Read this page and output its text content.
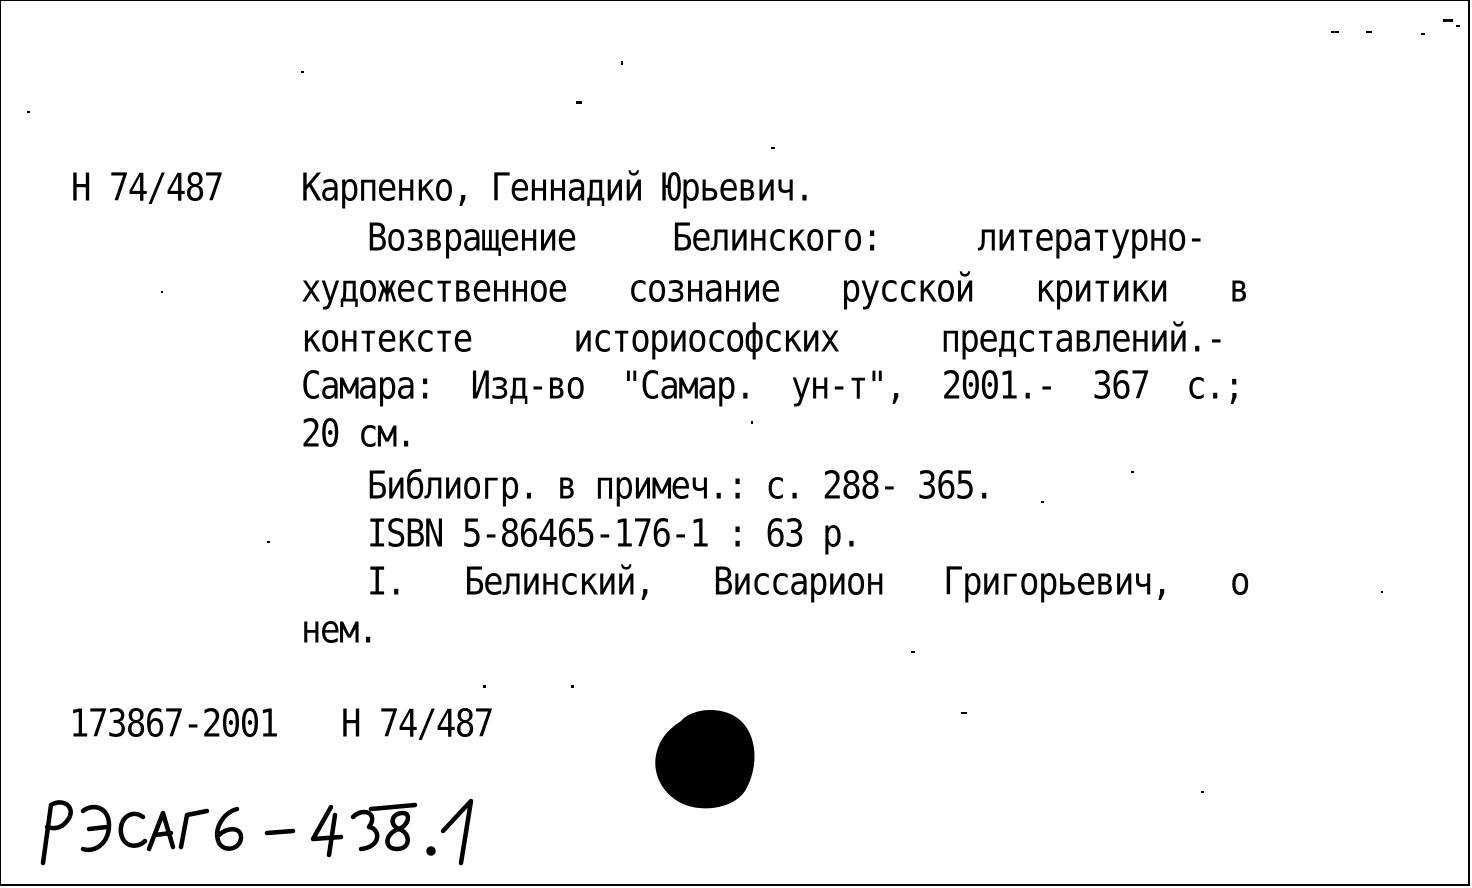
Н 74/487 Карпенко, Геннадий Юрьевич.
Возвращение	Белинского:	литературно-
художественное сознание русской критики в
контексте	историософских	представлений.-
Самара: Изд-во "Самар. ун-т", 2001.- 367 с.;
20 см.
Библиогр. в примеч.: с. 288- 365.
ISBN 5-86465-176-1 : 63 р.
I. Белинский, Виссарион Григорьевич, о
нем.
173867-2001 Н 74/487
